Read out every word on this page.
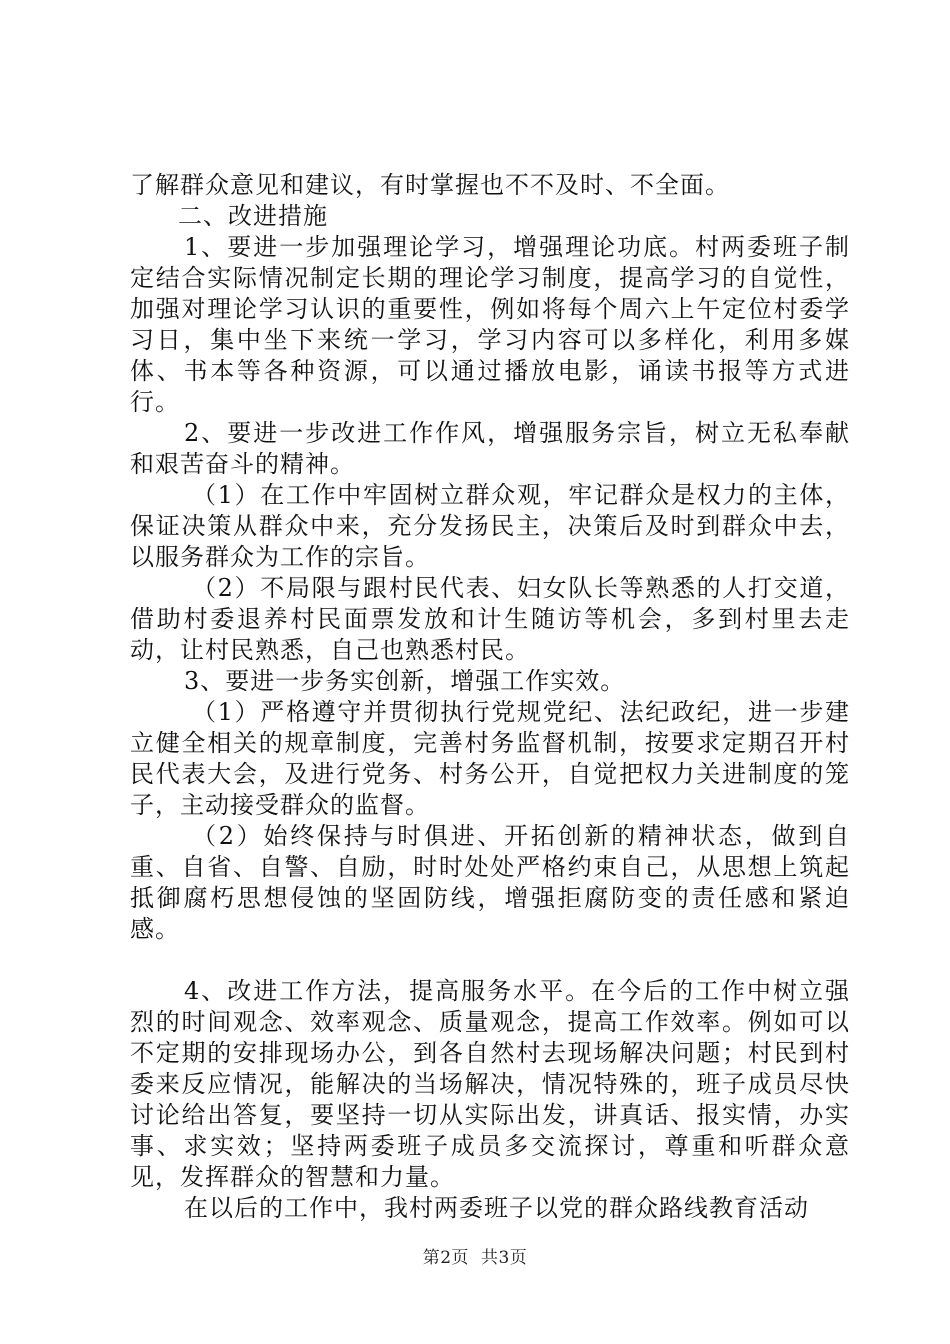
了解群众意见和建议，有时掌握也不不及时、不全面。

二、改进措施

1、要进一步加强理论学习，增强理论功底。村两委班子制定结合实际情况制定长期的理论学习制度，提高学习的自觉性，加强对理论学习认识的重要性，例如将每个周六上午定位村委学习日，集中坐下来统一学习，学习内容可以多样化，利用多媒体、书本等各种资源，可以通过播放电影，诵读书报等方式进行。

2、要进一步改进工作作风，增强服务宗旨，树立无私奉献和艰苦奋斗的精神。

（1）在工作中牢固树立群众观，牢记群众是权力的主体，保证决策从群众中来，充分发扬民主，决策后及时到群众中去，以服务群众为工作的宗旨。

（2）不局限与跟村民代表、妇女队长等熟悉的人打交道，借助村委退养村民面票发放和计生随访等机会，多到村里去走动，让村民熟悉，自己也熟悉村民。

3、要进一步务实创新，增强工作实效。

（1）严格遵守并贯彻执行党规党纪、法纪政纪，进一步建立健全相关的规章制度，完善村务监督机制，按要求定期召开村民代表大会，及进行党务、村务公开，自觉把权力关进制度的笼子，主动接受群众的监督。

（2）始终保持与时俱进、开拓创新的精神状态，做到自重、自省、自警、自励，时时处处严格约束自己，从思想上筑起抵御腐朽思想侵蚀的坚固防线，增强拒腐防变的责任感和紧迫感。

4、改进工作方法，提高服务水平。在今后的工作中树立强烈的时间观念、效率观念、质量观念，提高工作效率。例如可以不定期的安排现场办公，到各自然村去现场解决问题；村民到村委来反应情况，能解决的当场解决，情况特殊的，班子成员尽快讨论给出答复，要坚持一切从实际出发，讲真话、报实情，办实事、求实效；坚持两委班子成员多交流探讨，尊重和听群众意见，发挥群众的智慧和力量。

在以后的工作中，我村两委班子以党的群众路线教育活动

第2页 共3页
